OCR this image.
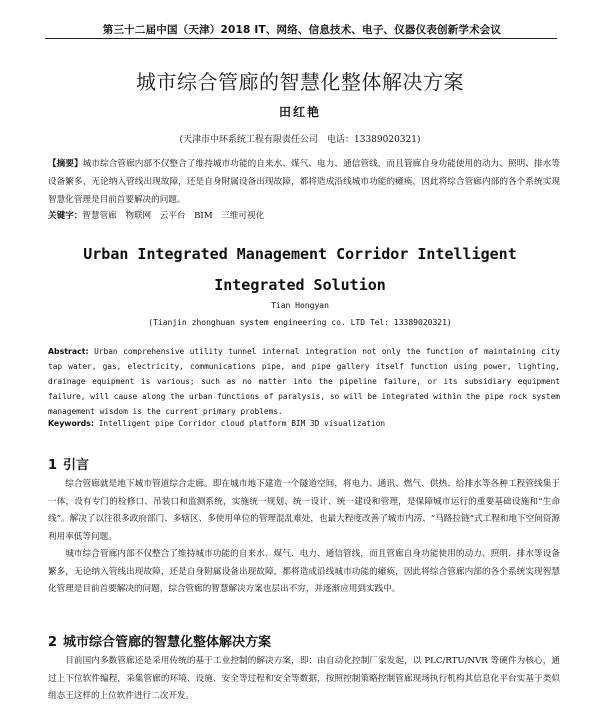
第三十二届中国（天津）2018 IT、网络、信息技术、电子、仪器仪表创新学术会议
城市综合管廊的智慧化整体解决方案
田红艳
(天津市中环系统工程有限责任公司　电话：13389020321)
【摘要】城市综合管廊内部不仅整合了维持城市功能的自来水、煤气、电力、通信管线，而且管廊自身功能使用的动力、照明、排水等设备繁多，无论纳入管线出现故障，还是自身附属设备出现故障，都将造成沿线城市功能的瘫痪，因此将综合管廊内部的各个系统实现智慧化管理是目前首要解决的问题。
关键字：智慧管廊　物联网　云平台　BIM　三维可视化
Urban Integrated Management Corridor Intelligent
Integrated Solution
Tian Hongyan
(Tianjin zhonghuan system engineering co. LTD Tel: 13389020321)
Abstract: Urban comprehensive utility tunnel internal integration not only the function of maintaining city tap water, gas, electricity, communications pipe, and pipe gallery itself function using power, lighting, drainage equipment is various; such as no matter into the pipeline failure, or its subsidiary equipment failure, will cause along the urban functions of paralysis, so will be integrated within the pipe rock system management wisdom is the current primary problems.
Keywords: Intelligent pipe Corridor cloud platform BIM 3D visualization
1 引言
综合管廊就是地下城市管道综合走廊。即在城市地下建造一个隧道空间，将电力、通讯、燃气、供热、给排水等各种工程管线集于一体，设有专门的检修口、吊装口和监测系统，实施统一规划、统一设计、统一建设和管理，是保障城市运行的重要基础设施和“生命线”。解决了以往很多政府部门、多辖区、多使用单位的管理混乱难处，也最大程度改善了城市内涝、“马路拉链”式工程和地下空间资源利用率低等问题。
城市综合管廊内部不仅整合了维持城市功能的自来水、煤气、电力、通信管线，而且管廊自身功能使用的动力、照明、排水等设备繁多，无论纳入管线出现故障，还是自身附属设备出现故障，都将造成沿线城市功能的瘫痪，因此将综合管廊内部的各个系统实现智慧化管理是目前首要解决的问题，综合管廊的智慧解决方案也层出不穷，并逐渐应用到实践中。
2 城市综合管廊的智慧化整体解决方案
目前国内多数管廊还是采用传统的基于工业控制的解决方案，即：由自动化控制厂家发起，以 PLC/RTU/NVR 等硬件为核心，通过上下位软件编程，采集管廊的环境、设施、安全等过程和安全等数据，按照控制策略控制管廊现场执行机构其信息化平台实基于类似组态王这样的上位软件进行二次开发。
